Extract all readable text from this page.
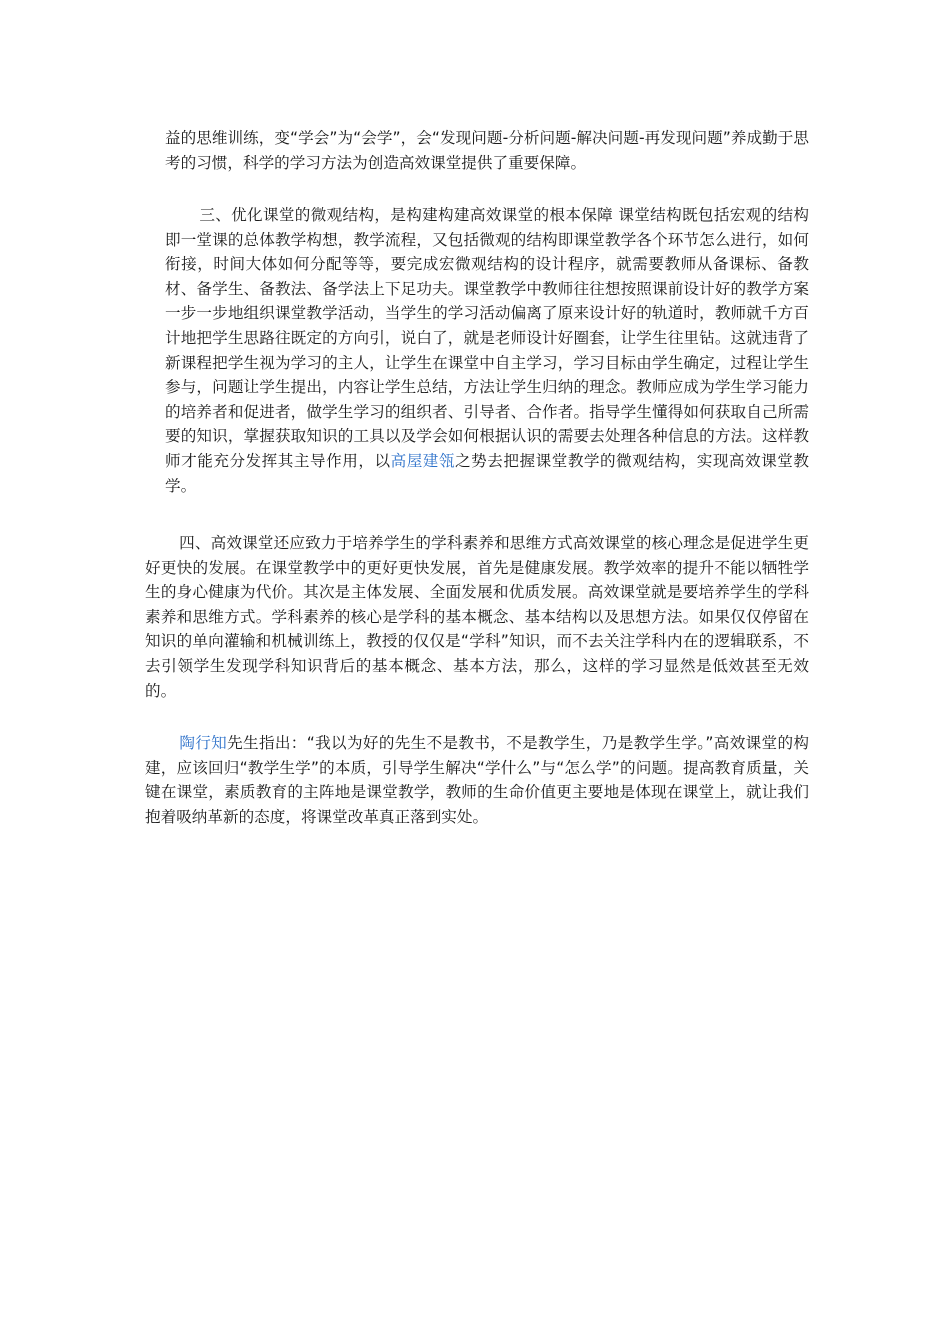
益的思维训练，变“学会”为“会学”，会“发现问题-分析问题-解决问题-再发现问题”养成勤于思考的习惯，科学的学习方法为创造高效课堂提供了重要保障。

三、优化课堂的微观结构，是构建构建高效课堂的根本保障 课堂结构既包括宏观的结构即一堂课的总体教学构想，教学流程，又包括微观的结构即课堂教学各个环节怎么进行，如何衔接，时间大体如何分配等等，要完成宏微观结构的设计程序，就需要教师从备课标、备教材、备学生、备教法、备学法上下足功夫。课堂教学中教师往往想按照课前设计好的教学方案一步一步地组织课堂教学活动，当学生的学习活动偏离了原来设计好的轨道时，教师就千方百计地把学生思路往既定的方向引，说白了，就是老师设计好圈套，让学生往里钻。这就违背了新课程把学生视为学习的主人，让学生在课堂中自主学习，学习目标由学生确定，过程让学生参与，问题让学生提出，内容让学生总结，方法让学生归纳的理念。教师应成为学生学习能力的培养者和促进者，做学生学习的组织者、引导者、合作者。指导学生懂得如何获取自己所需要的知识，掌握获取知识的工具以及学会如何根据认识的需要去处理各种信息的方法。这样教师才能充分发挥其主导作用，以高屋建瓴之势去把握课堂教学的微观结构，实现高效课堂教学。

四、高效课堂还应致力于培养学生的学科素养和思维方式高效课堂的核心理念是促进学生更好更快的发展。在课堂教学中的更好更快发展，首先是健康发展。教学效率的提升不能以牺牲学生的身心健康为代价。其次是主体发展、全面发展和优质发展。高效课堂就是要培养学生的学科素养和思维方式。学科素养的核心是学科的基本概念、基本结构以及思想方法。如果仅仅停留在知识的单向灌输和机械训练上，教授的仅仅是“学科”知识，而不去关注学科内在的逻辑联系，不去引领学生发现学科知识背后的基本概念、基本方法，那么，这样的学习显然是低效甚至无效的。

陶行知先生指出：“我以为好的先生不是教书，不是教学生，乃是教学生学。”高效课堂的构建，应该回归“教学生学”的本质，引导学生解决“学什么”与“怎么学”的问题。提高教育质量，关键在课堂，素质教育的主阵地是课堂教学，教师的生命价值更主要地是体现在课堂上，就让我们抱着吸纳革新的态度，将课堂改革真正落到实处。
